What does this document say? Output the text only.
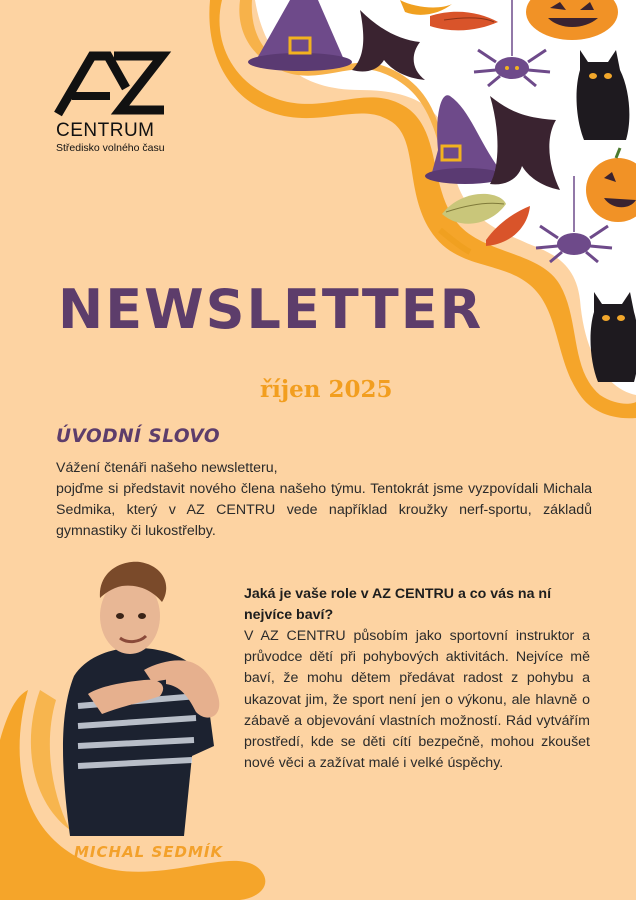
CENTRUM
Středisko volného času
NEWSLETTER
říjen 2025
ÚVODNÍ SLOVO

Vážení čtenáři našeho newsletteru,

pojďme si představit nového člena našeho týmu. Tentokrát jsme vyzpovídali Michala Sedmika, který v AZ CENTRU vede například kroužky nerf-sportu, základů gymnastiky či lukostřelby.

Jaká je vaše role v AZ CENTRU a co vás na ní nejvíce baví?
V AZ CENTRU působím jako sportovní instruktor a průvodce dětí při pohybových aktivitách. Nejvíce mě baví, že mohu dětem předávat radost z pohybu a ukazovat jim, že sport není jen o výkonu, ale hlavně o zábavě a objevování vlastních možností. Rád vytvářím prostředí, kde se děti cítí bezpečně, mohou zkoušet nové věci a zažívat malé i velké úspěchy.
MICHAL SEDMÍK
